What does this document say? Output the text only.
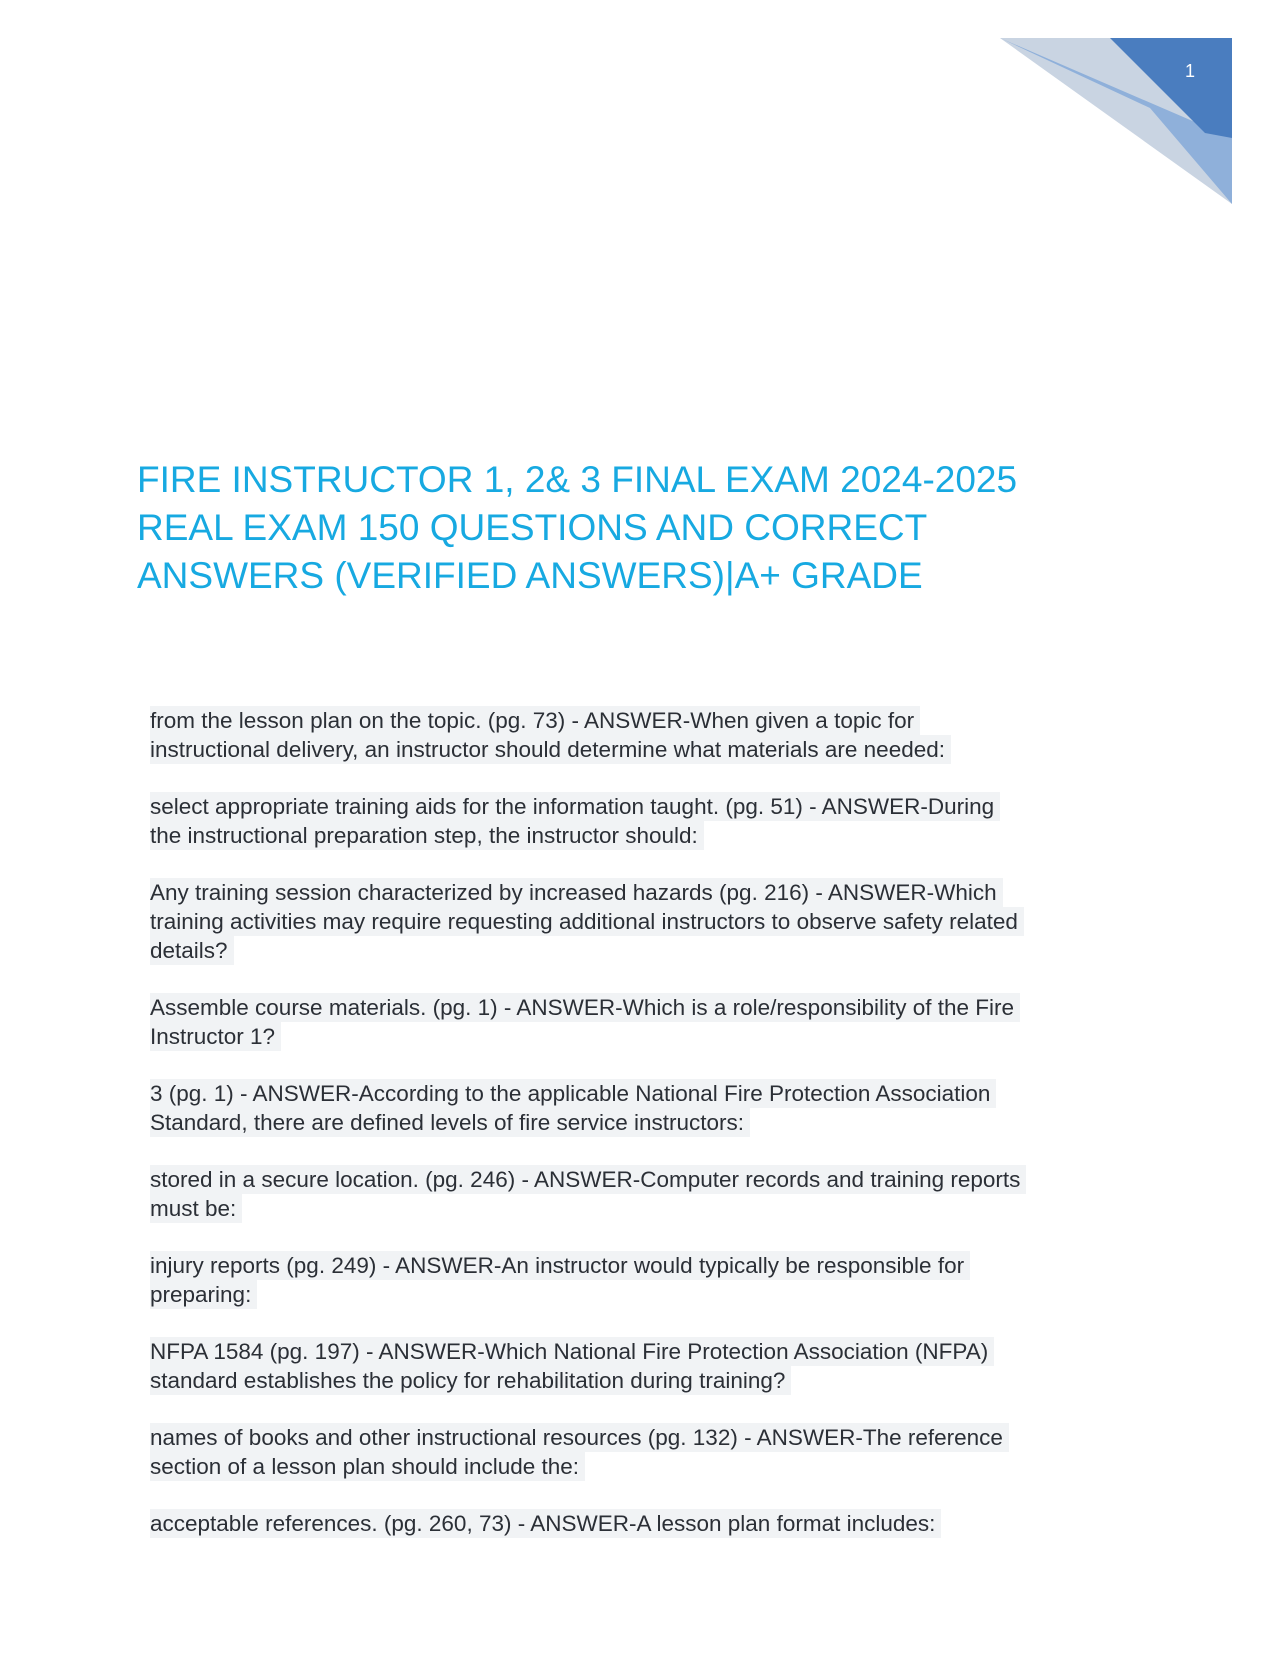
1
FIRE INSTRUCTOR 1, 2& 3 FINAL EXAM 2024-2025
REAL EXAM 150 QUESTIONS AND CORRECT
ANSWERS (VERIFIED ANSWERS)|A+ GRADE
from the lesson plan on the topic. (pg. 73) - ANSWER-When given a topic for
instructional delivery, an instructor should determine what materials are needed:
select appropriate training aids for the information taught. (pg. 51) - ANSWER-During
the instructional preparation step, the instructor should:
Any training session characterized by increased hazards (pg. 216) - ANSWER-Which
training activities may require requesting additional instructors to observe safety related
details?
Assemble course materials. (pg. 1) - ANSWER-Which is a role/responsibility of the Fire
Instructor 1?
3 (pg. 1) - ANSWER-According to the applicable National Fire Protection Association
Standard, there are defined levels of fire service instructors:
stored in a secure location. (pg. 246) - ANSWER-Computer records and training reports
must be:
injury reports (pg. 249) - ANSWER-An instructor would typically be responsible for
preparing:
NFPA 1584 (pg. 197) - ANSWER-Which National Fire Protection Association (NFPA)
standard establishes the policy for rehabilitation during training?
names of books and other instructional resources (pg. 132) - ANSWER-The reference
section of a lesson plan should include the:
acceptable references. (pg. 260, 73) - ANSWER-A lesson plan format includes:
